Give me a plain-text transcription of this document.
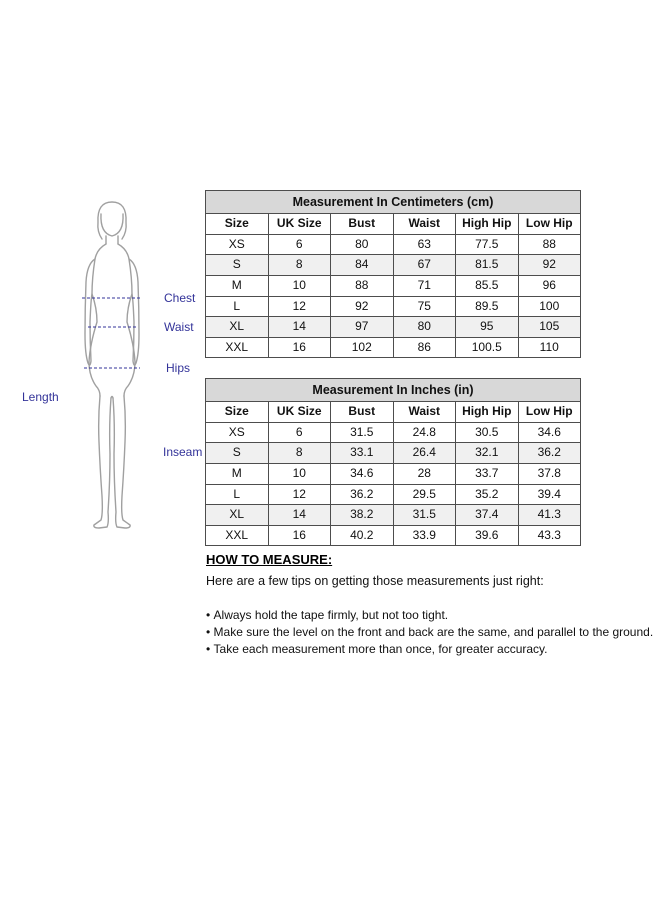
Chest
Waist
Hips
Length
Inseam
Measurement In Centimeters (cm)					
Size	UK Size	Bust	Waist	High Hip	Low Hip
XS	6	80	63	77.5	88
S	8	84	67	81.5	92
M	10	88	71	85.5	96
L	12	92	75	89.5	100
XL	14	97	80	95	105
XXL	16	102	86	100.5	110
Measurement In Inches (in)					
Size	UK Size	Bust	Waist	High Hip	Low Hip
XS	6	31.5	24.8	30.5	34.6
S	8	33.1	26.4	32.1	36.2
M	10	34.6	28	33.7	37.8
L	12	36.2	29.5	35.2	39.4
XL	14	38.2	31.5	37.4	41.3
XXL	16	40.2	33.9	39.6	43.3
HOW TO MEASURE:
Here are a few tips on getting those measurements just right:
• Always hold the tape firmly, but not too tight.
• Make sure the level on the front and back are the same, and parallel to the ground.
• Take each measurement more than once, for greater accuracy.
